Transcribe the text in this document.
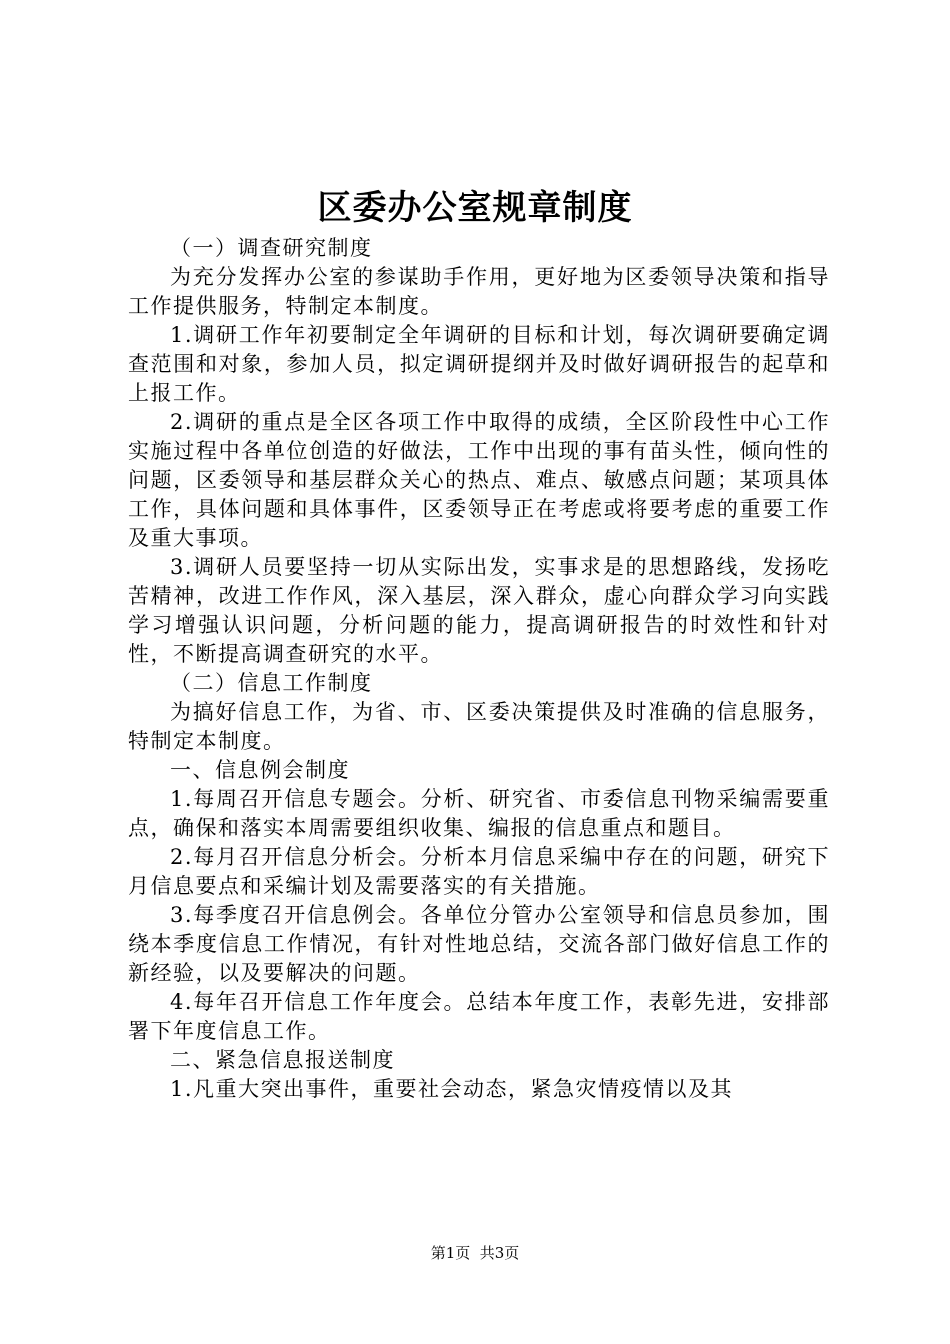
区委办公室规章制度

（一）调查研究制度

为充分发挥办公室的参谋助手作用，更好地为区委领导决策和指导工作提供服务，特制定本制度。

1.调研工作年初要制定全年调研的目标和计划，每次调研要确定调查范围和对象，参加人员，拟定调研提纲并及时做好调研报告的起草和上报工作。

2.调研的重点是全区各项工作中取得的成绩，全区阶段性中心工作实施过程中各单位创造的好做法，工作中出现的事有苗头性，倾向性的问题，区委领导和基层群众关心的热点、难点、敏感点问题；某项具体工作，具体问题和具体事件，区委领导正在考虑或将要考虑的重要工作及重大事项。

3.调研人员要坚持一切从实际出发，实事求是的思想路线，发扬吃苦精神，改进工作作风，深入基层，深入群众，虚心向群众学习向实践学习增强认识问题，分析问题的能力，提高调研报告的时效性和针对性，不断提高调查研究的水平。

（二）信息工作制度

为搞好信息工作，为省、市、区委决策提供及时准确的信息服务，特制定本制度。

一、信息例会制度

1.每周召开信息专题会。分析、研究省、市委信息刊物采编需要重点，确保和落实本周需要组织收集、编报的信息重点和题目。

2.每月召开信息分析会。分析本月信息采编中存在的问题，研究下月信息要点和采编计划及需要落实的有关措施。

3.每季度召开信息例会。各单位分管办公室领导和信息员参加，围绕本季度信息工作情况，有针对性地总结，交流各部门做好信息工作的新经验，以及要解决的问题。

4.每年召开信息工作年度会。总结本年度工作，表彰先进，安排部署下年度信息工作。

二、紧急信息报送制度

1.凡重大突出事件，重要社会动态，紧急灾情疫情以及其

第1页  共3页
